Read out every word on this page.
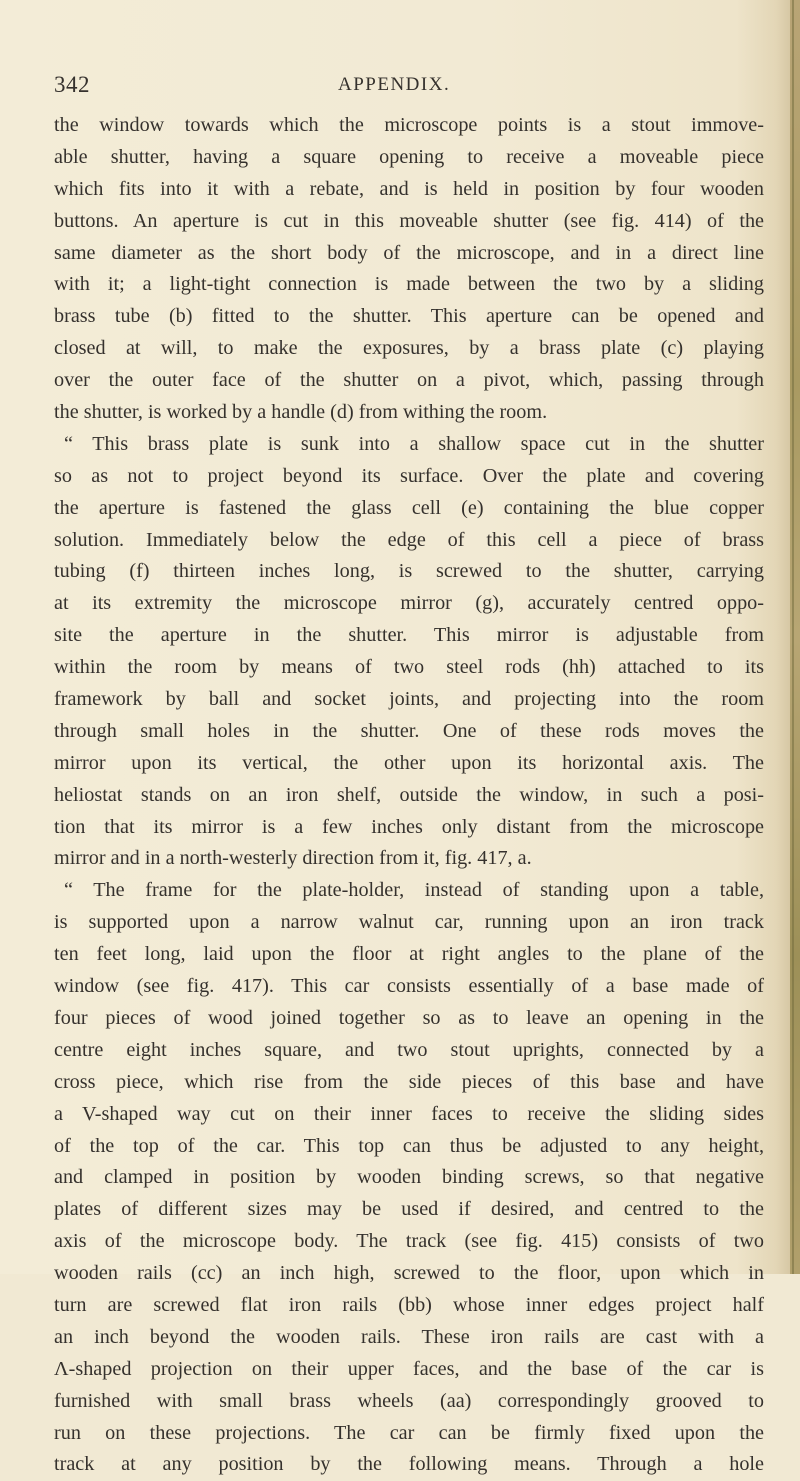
342	APPENDIX.
the window towards which the microscope points is a stout immove-
able shutter, having a square opening to receive a moveable piece
which fits into it with a rebate, and is held in position by four wooden
buttons. An aperture is cut in this moveable shutter (see fig. 414) of the
same diameter as the short body of the microscope, and in a direct line
with it; a light-tight connection is made between the two by a sliding
brass tube (b) fitted to the shutter. This aperture can be opened and
closed at will, to make the exposures, by a brass plate (c) playing
over the outer face of the shutter on a pivot, which, passing through
the shutter, is worked by a handle (d) from withing the room.
“ This brass plate is sunk into a shallow space cut in the shutter
so as not to project beyond its surface. Over the plate and covering
the aperture is fastened the glass cell (e) containing the blue copper
solution. Immediately below the edge of this cell a piece of brass
tubing (f) thirteen inches long, is screwed to the shutter, carrying
at its extremity the microscope mirror (g), accurately centred oppo-
site the aperture in the shutter. This mirror is adjustable from
within the room by means of two steel rods (hh) attached to its
framework by ball and socket joints, and projecting into the room
through small holes in the shutter. One of these rods moves the
mirror upon its vertical, the other upon its horizontal axis. The
heliostat stands on an iron shelf, outside the window, in such a posi-
tion that its mirror is a few inches only distant from the microscope
mirror and in a north-westerly direction from it, fig. 417, a.
“ The frame for the plate-holder, instead of standing upon a table,
is supported upon a narrow walnut car, running upon an iron track
ten feet long, laid upon the floor at right angles to the plane of the
window (see fig. 417). This car consists essentially of a base made of
four pieces of wood joined together so as to leave an opening in the
centre eight inches square, and two stout uprights, connected by a
cross piece, which rise from the side pieces of this base and have
a V-shaped way cut on their inner faces to receive the sliding sides
of the top of the car. This top can thus be adjusted to any height,
and clamped in position by wooden binding screws, so that negative
plates of different sizes may be used if desired, and centred to the
axis of the microscope body. The track (see fig. 415) consists of two
wooden rails (cc) an inch high, screwed to the floor, upon which in
turn are screwed flat iron rails (bb) whose inner edges project half
an inch beyond the wooden rails. These iron rails are cast with a
Λ-shaped projection on their upper faces, and the base of the car is
furnished with small brass wheels (aa) correspondingly grooved to
run on these projections. The car can be firmly fixed upon the
track at any position by the following means. Through a hole
